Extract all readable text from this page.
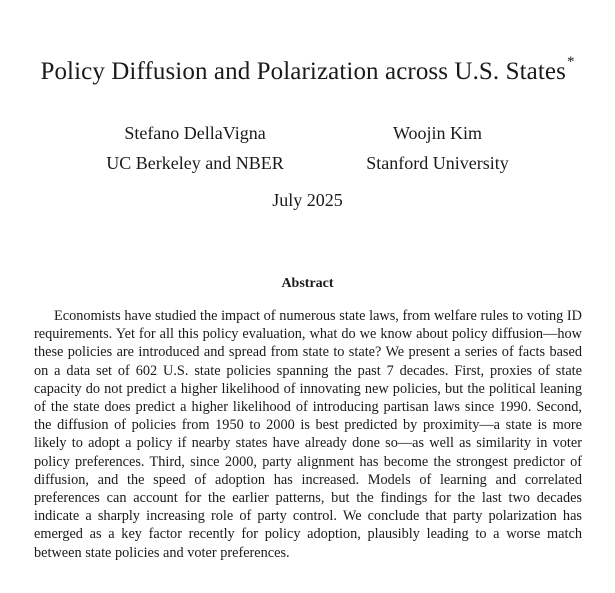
Policy Diffusion and Polarization across U.S. States*
Stefano DellaVigna
UC Berkeley and NBER
Woojin Kim
Stanford University
July 2025
Abstract
Economists have studied the impact of numerous state laws, from welfare rules to voting ID requirements. Yet for all this policy evaluation, what do we know about policy diffusion—how these policies are introduced and spread from state to state? We present a series of facts based on a data set of 602 U.S. state policies spanning the past 7 decades. First, proxies of state capacity do not predict a higher likelihood of innovating new policies, but the political leaning of the state does predict a higher likelihood of introducing partisan laws since 1990. Second, the diffusion of policies from 1950 to 2000 is best predicted by proximity—a state is more likely to adopt a policy if nearby states have already done so—as well as similarity in voter policy preferences. Third, since 2000, party alignment has become the strongest predictor of diffusion, and the speed of adoption has increased. Models of learning and correlated preferences can account for the earlier patterns, but the findings for the last two decades indicate a sharply increasing role of party control. We conclude that party polarization has emerged as a key factor recently for policy adoption, plausibly leading to a worse match between state policies and voter preferences.
